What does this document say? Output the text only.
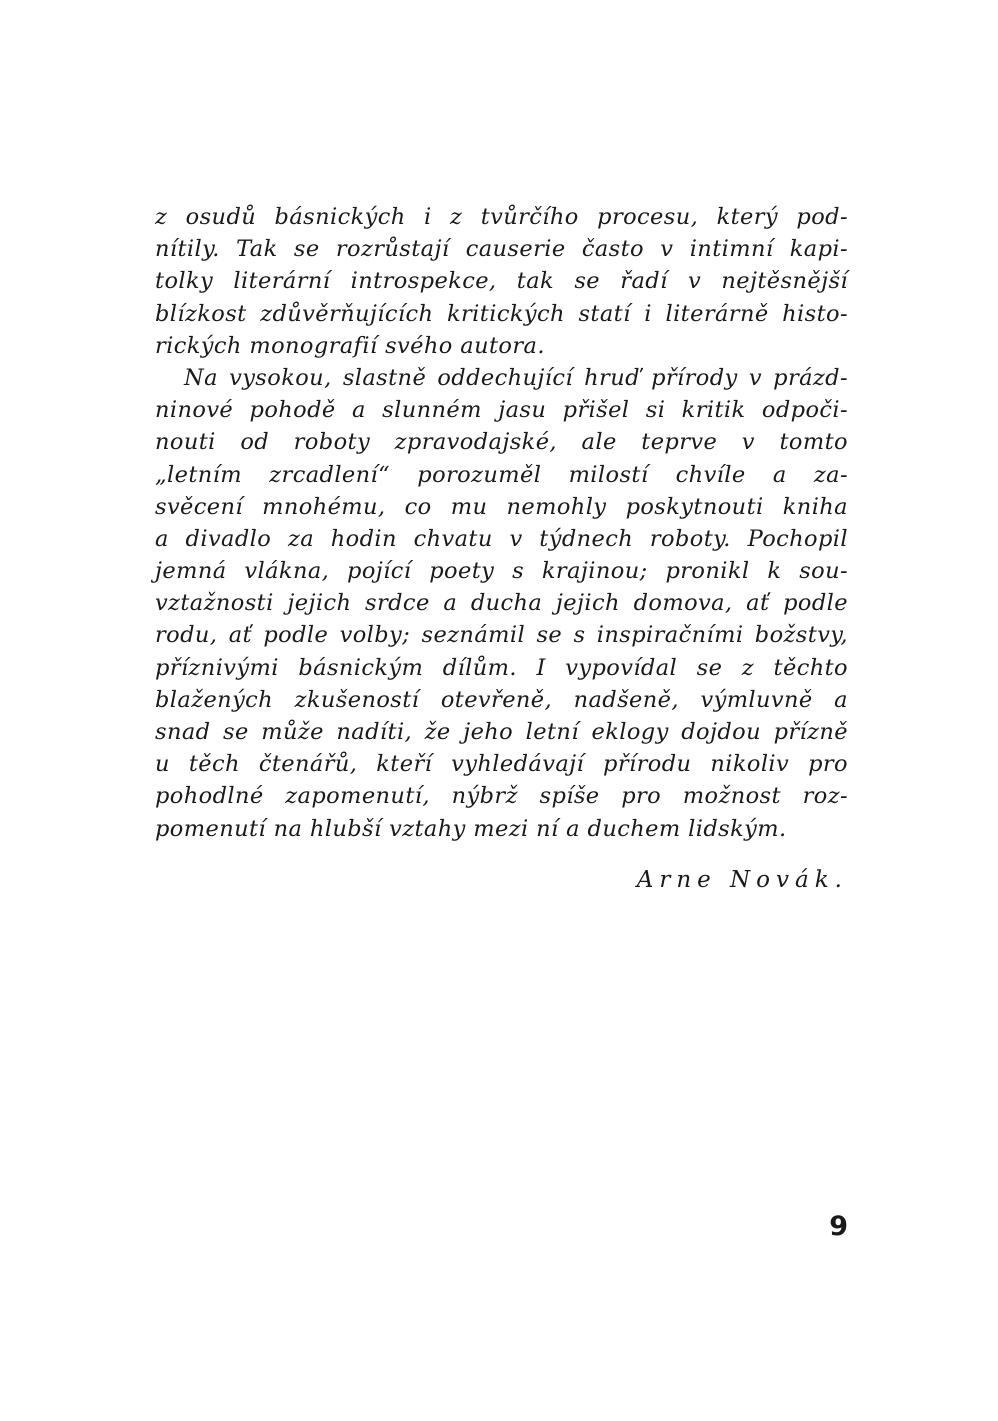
z osudů básnických i z tvůrčího procesu, který pod-
nítily. Tak se rozrůstají causerie často v intimní kapi-
tolky literární introspekce, tak se řadí v nejtěsnější
blízkost zdůvěrňujících kritických statí i literárně histo-
rických monografií svého autora.
Na vysokou, slastně oddechující hruď přírody v prázd-
ninové pohodě a slunném jasu přišel si kritik odpoči-
nouti od roboty zpravodajské, ale teprve v tomto
„letním zrcadlení“ porozuměl milostí chvíle a za-
svěcení mnohému, co mu nemohly poskytnouti kniha
a divadlo za hodin chvatu v týdnech roboty. Pochopil
jemná vlákna, pojící poety s krajinou; pronikl k sou-
vztažnosti jejich srdce a ducha jejich domova, ať podle
rodu, ať podle volby; seznámil se s inspiračními božstvy,
příznivými básnickým dílům. I vypovídal se z těchto
blažených zkušeností otevřeně, nadšeně, výmluvně a
snad se může nadíti, že jeho letní eklogy dojdou přízně
u těch čtenářů, kteří vyhledávají přírodu nikoliv pro
pohodlné zapomenutí, nýbrž spíše pro možnost roz-
pomenutí na hlubší vztahy mezi ní a duchem lidským.
Arne Novák.
9
